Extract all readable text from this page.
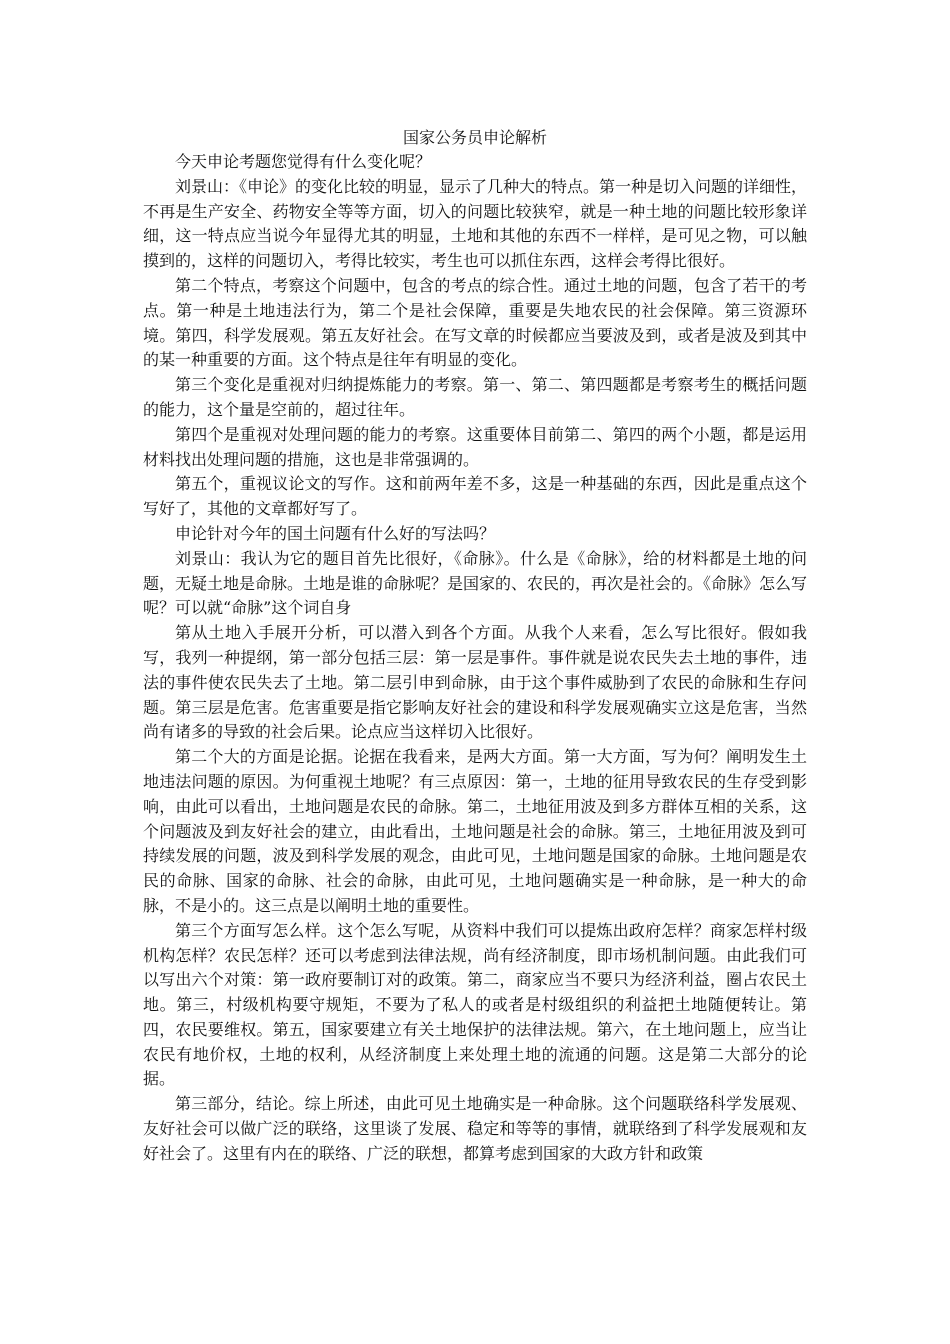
国家公务员申论解析

今天申论考题您觉得有什么变化呢？

刘景山：《申论》的变化比较的明显，显示了几种大的特点。第一种是切入问题的详细性，不再是生产安全、药物安全等等方面，切入的问题比较狭窄，就是一种土地的问题比较形象详细，这一特点应当说今年显得尤其的明显，土地和其他的东西不一样样，是可见之物，可以触摸到的，这样的问题切入，考得比较实，考生也可以抓住东西，这样会考得比很好。

第二个特点，考察这个问题中，包含的考点的综合性。通过土地的问题，包含了若干的考点。第一种是土地违法行为，第二个是社会保障，重要是失地农民的社会保障。第三资源环境。第四，科学发展观。第五友好社会。在写文章的时候都应当要波及到，或者是波及到其中的某一种重要的方面。这个特点是往年有明显的变化。

第三个变化是重视对归纳提炼能力的考察。第一、第二、第四题都是考察考生的概括问题的能力，这个量是空前的，超过往年。

第四个是重视对处理问题的能力的考察。这重要体目前第二、第四的两个小题，都是运用材料找出处理问题的措施，这也是非常强调的。

第五个，重视议论文的写作。这和前两年差不多，这是一种基础的东西，因此是重点这个写好了，其他的文章都好写了。

申论针对今年的国土问题有什么好的写法吗？

刘景山：我认为它的题目首先比很好，《命脉》。什么是《命脉》，给的材料都是土地的问题，无疑土地是命脉。土地是谁的命脉呢？是国家的、农民的，再次是社会的。《命脉》怎么写呢？可以就“命脉”这个词自身

第从土地入手展开分析，可以潜入到各个方面。从我个人来看，怎么写比很好。假如我写，我列一种提纲，第一部分包括三层：第一层是事件。事件就是说农民失去土地的事件，违法的事件使农民失去了土地。第二层引申到命脉，由于这个事件威胁到了农民的命脉和生存问题。第三层是危害。危害重要是指它影响友好社会的建设和科学发展观确实立这是危害，当然尚有诸多的导致的社会后果。论点应当这样切入比很好。

第二个大的方面是论据。论据在我看来，是两大方面。第一大方面，写为何？阐明发生土地违法问题的原因。为何重视土地呢？有三点原因：第一，土地的征用导致农民的生存受到影响，由此可以看出，土地问题是农民的命脉。第二，土地征用波及到多方群体互相的关系，这个问题波及到友好社会的建立，由此看出，土地问题是社会的命脉。第三，土地征用波及到可持续发展的问题，波及到科学发展的观念，由此可见，土地问题是国家的命脉。土地问题是农民的命脉、国家的命脉、社会的命脉，由此可见，土地问题确实是一种命脉，是一种大的命脉，不是小的。这三点是以阐明土地的重要性。

第三个方面写怎么样。这个怎么写呢，从资料中我们可以提炼出政府怎样？商家怎样村级机构怎样？农民怎样？还可以考虑到法律法规，尚有经济制度，即市场机制问题。由此我们可以写出六个对策：第一政府要制订对的政策。第二，商家应当不要只为经济利益，圈占农民土地。第三，村级机构要守规矩，不要为了私人的或者是村级组织的利益把土地随便转让。第四，农民要维权。第五，国家要建立有关土地保护的法律法规。第六，在土地问题上，应当让农民有地价权，土地的权利，从经济制度上来处理土地的流通的问题。这是第二大部分的论据。

第三部分，结论。综上所述，由此可见土地确实是一种命脉。这个问题联络科学发展观、友好社会可以做广泛的联络，这里谈了发展、稳定和等等的事情，就联络到了科学发展观和友好社会了。这里有内在的联络、广泛的联想，都算考虑到国家的大政方针和政策
